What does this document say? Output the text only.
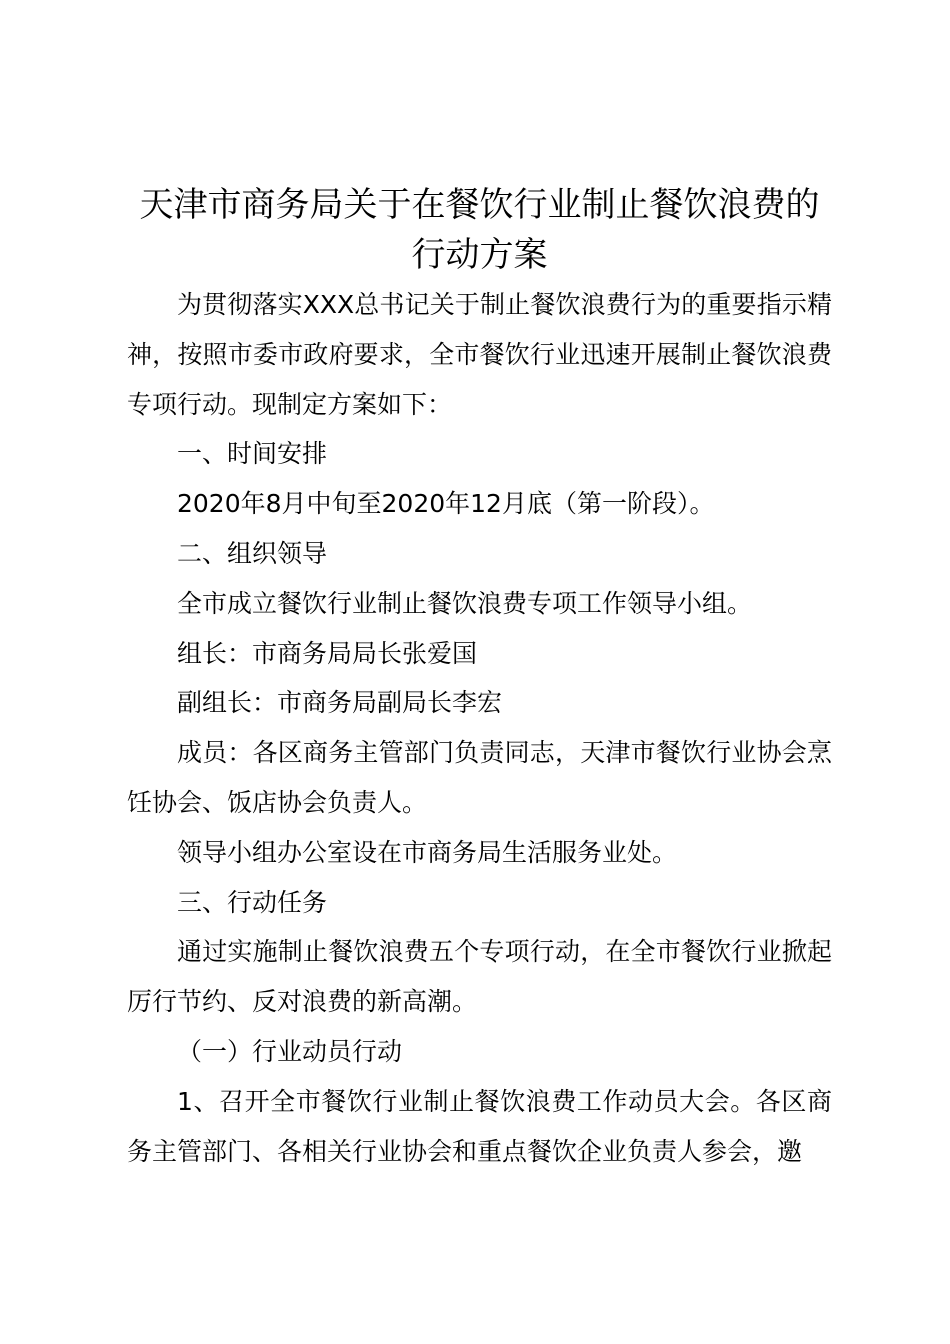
天津市商务局关于在餐饮行业制止餐饮浪费的
行动方案

为贯彻落实XXX总书记关于制止餐饮浪费行为的重要指示精神，按照市委市政府要求，全市餐饮行业迅速开展制止餐饮浪费专项行动。现制定方案如下：

一、时间安排

2020年8月中旬至2020年12月底（第一阶段）。

二、组织领导

全市成立餐饮行业制止餐饮浪费专项工作领导小组。

组长：市商务局局长张爱国

副组长：市商务局副局长李宏

成员：各区商务主管部门负责同志，天津市餐饮行业协会烹饪协会、饭店协会负责人。

领导小组办公室设在市商务局生活服务业处。

三、行动任务

通过实施制止餐饮浪费五个专项行动，在全市餐饮行业掀起厉行节约、反对浪费的新高潮。

（一）行业动员行动

1、召开全市餐饮行业制止餐饮浪费工作动员大会。各区商务主管部门、各相关行业协会和重点餐饮企业负责人参会，邀
